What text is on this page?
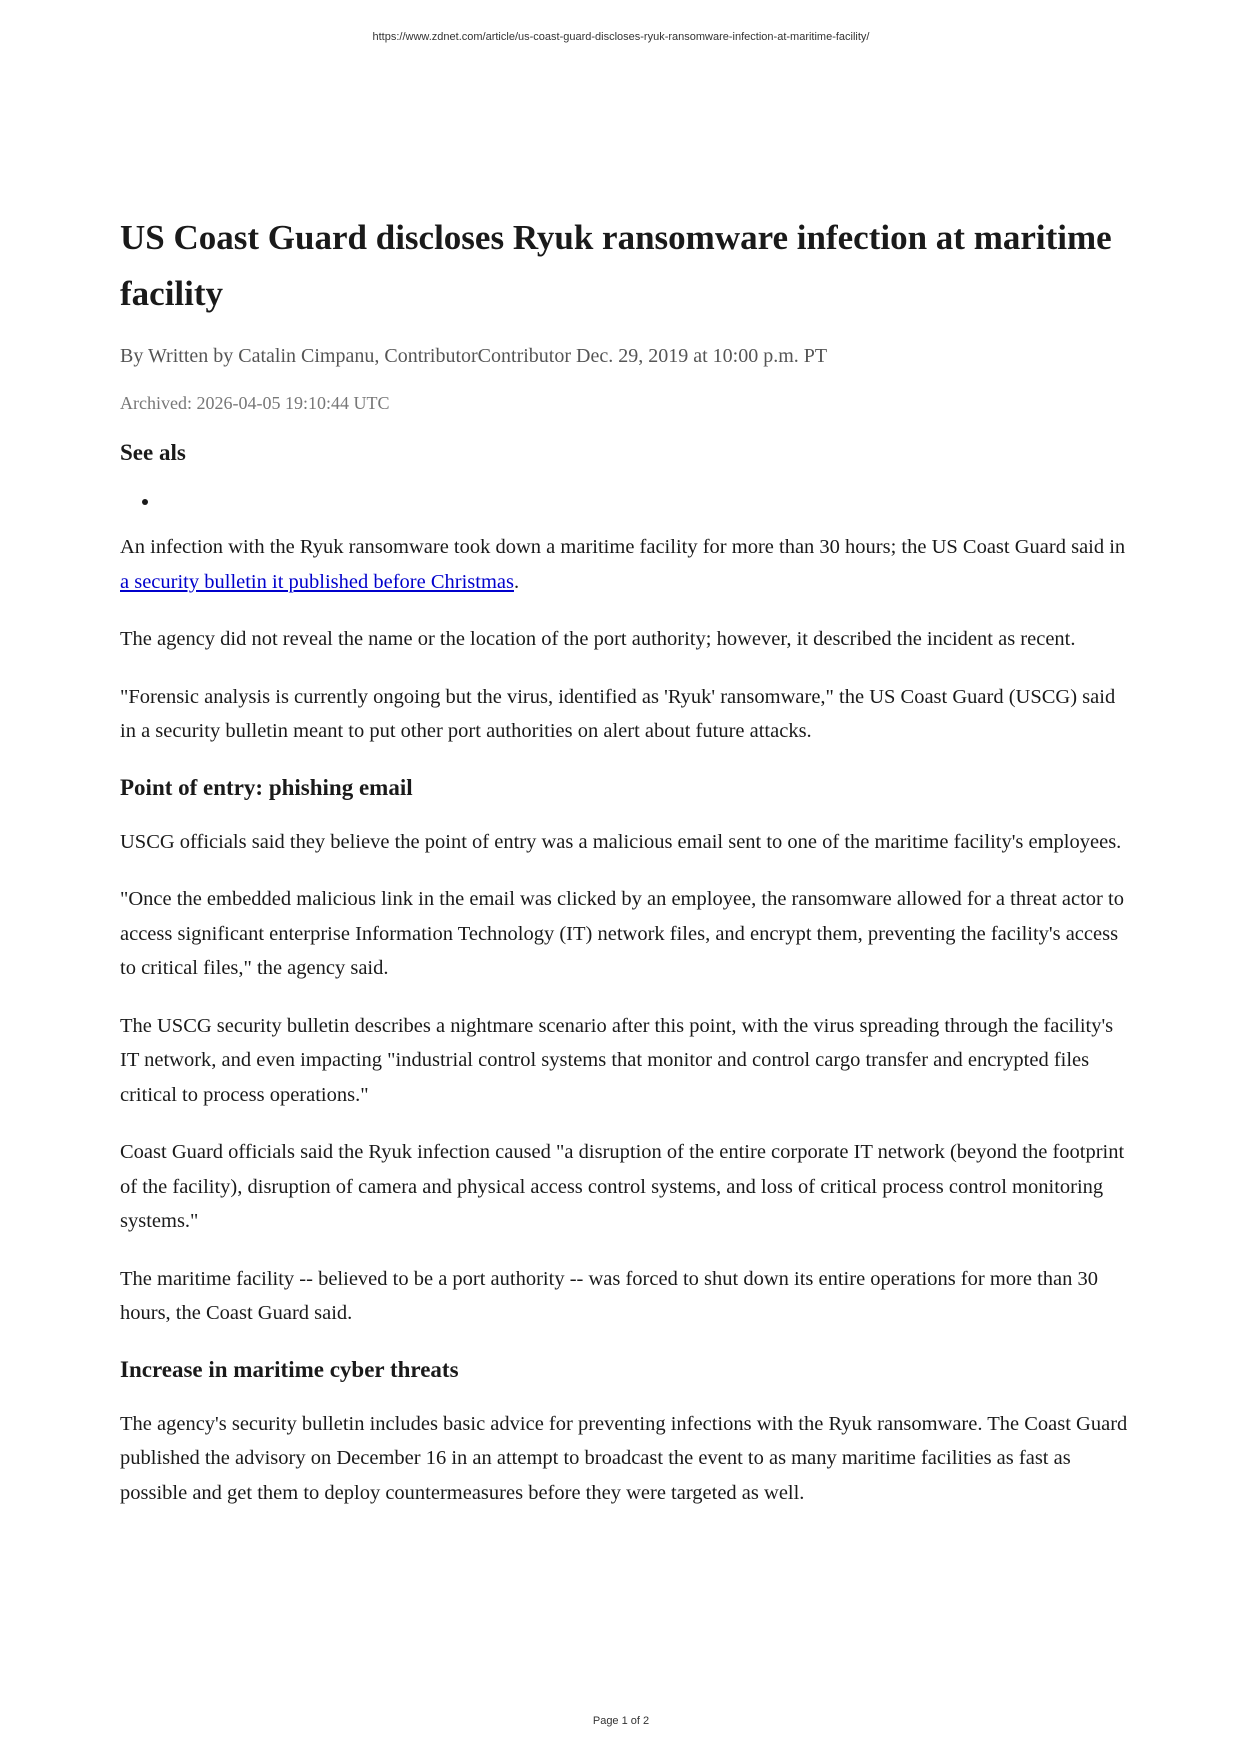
https://www.zdnet.com/article/us-coast-guard-discloses-ryuk-ransomware-infection-at-maritime-facility/
US Coast Guard discloses Ryuk ransomware infection at maritime facility
By Written by Catalin Cimpanu, ContributorContributor Dec. 29, 2019 at 10:00 p.m. PT
Archived: 2026-04-05 19:10:44 UTC
See als
•

An infection with the Ryuk ransomware took down a maritime facility for more than 30 hours; the US Coast Guard said in a security bulletin it published before Christmas.

The agency did not reveal the name or the location of the port authority; however, it described the incident as recent.

"Forensic analysis is currently ongoing but the virus, identified as 'Ryuk' ransomware," the US Coast Guard (USCG) said in a security bulletin meant to put other port authorities on alert about future attacks.

Point of entry: phishing email

USCG officials said they believe the point of entry was a malicious email sent to one of the maritime facility's employees.

"Once the embedded malicious link in the email was clicked by an employee, the ransomware allowed for a threat actor to access significant enterprise Information Technology (IT) network files, and encrypt them, preventing the facility's access to critical files," the agency said.

The USCG security bulletin describes a nightmare scenario after this point, with the virus spreading through the facility's IT network, and even impacting "industrial control systems that monitor and control cargo transfer and encrypted files critical to process operations."

Coast Guard officials said the Ryuk infection caused "a disruption of the entire corporate IT network (beyond the footprint of the facility), disruption of camera and physical access control systems, and loss of critical process control monitoring systems."

The maritime facility -- believed to be a port authority -- was forced to shut down its entire operations for more than 30 hours, the Coast Guard said.

Increase in maritime cyber threats

The agency's security bulletin includes basic advice for preventing infections with the Ryuk ransomware. The Coast Guard published the advisory on December 16 in an attempt to broadcast the event to as many maritime facilities as fast as possible and get them to deploy countermeasures before they were targeted as well.

Page 1 of 2
